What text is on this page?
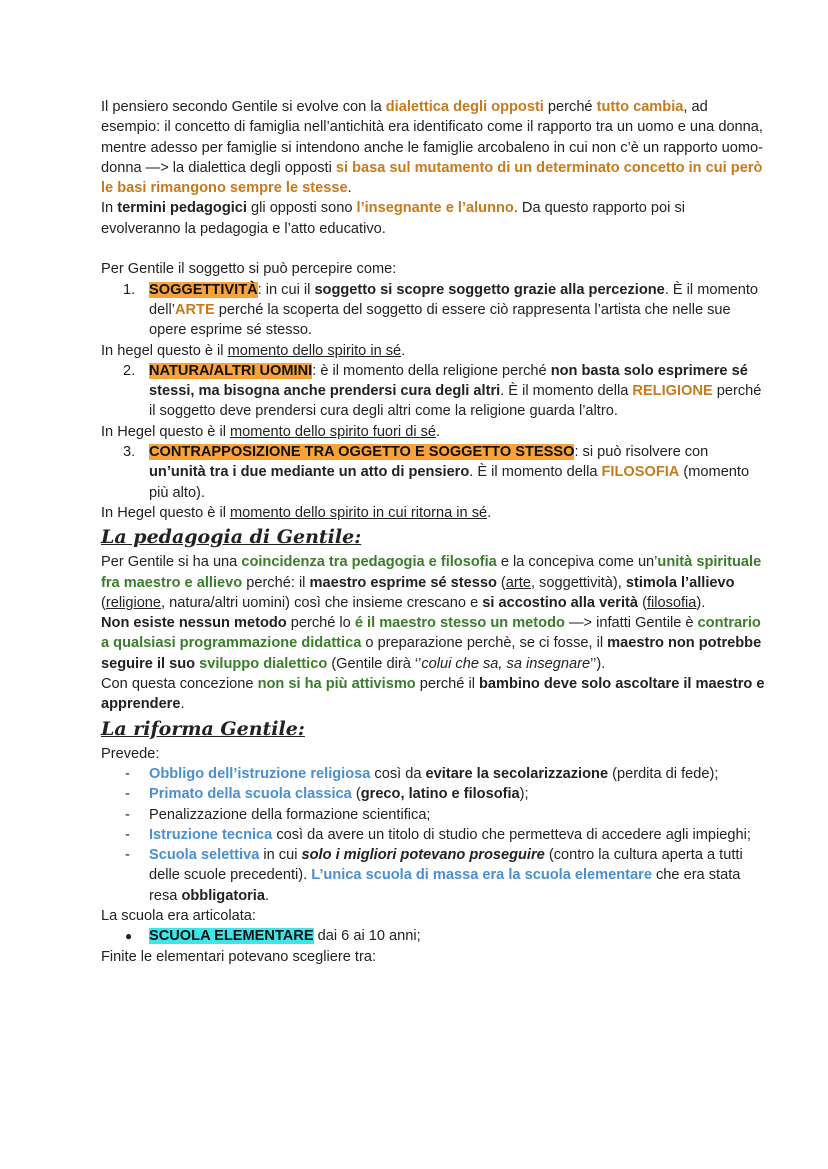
Il pensiero secondo Gentile si evolve con la dialettica degli opposti perché tutto cambia, ad esempio: il concetto di famiglia nell’antichità era identificato come il rapporto tra un uomo e una donna, mentre adesso per famiglie si intendono anche le famiglie arcobaleno in cui non c’è un rapporto uomo-donna —> la dialettica degli opposti si basa sul mutamento di un determinato concetto in cui però le basi rimangono sempre le stesse.

In termini pedagogici gli opposti sono l’insegnante e l’alunno. Da questo rapporto poi si evolveranno la pedagogia e l’atto educativo.

Per Gentile il soggetto si può percepire come:

1. SOGGETTIVITÀ: in cui il soggetto si scopre soggetto grazie alla percezione. È il momento dell’ARTE perché la scoperta del soggetto di essere ciò rappresenta l’artista che nelle sue opere esprime sé stesso.

In hegel questo è il momento dello spirito in sé.

2. NATURA/ALTRI UOMINI: è il momento della religione perché non basta solo esprimere sé stessi, ma bisogna anche prendersi cura degli altri. È il momento della RELIGIONE perché il soggetto deve prendersi cura degli altri come la religione guarda l’altro.

In Hegel questo è il momento dello spirito fuori di sé.

3. CONTRAPPOSIZIONE TRA OGGETTO E SOGGETTO STESSO: si può risolvere con un’unità tra i due mediante un atto di pensiero. È il momento della FILOSOFIA (momento più alto).

In Hegel questo è il momento dello spirito in cui ritorna in sé.

La pedagogia di Gentile:

Per Gentile si ha una coincidenza tra pedagogia e filosofia e la concepiva come un’unità spirituale fra maestro e allievo perché: il maestro esprime sé stesso (arte, soggettività), stimola l’allievo (religione, natura/altri uomini) così che insieme crescano e si accostino alla verità (filosofia).

Non esiste nessun metodo perché lo é il maestro stesso un metodo —> infatti Gentile è contrario a qualsiasi programmazione didattica o preparazione perchè, se ci fosse, il maestro non potrebbe seguire il suo sviluppo dialettico (Gentile dirà ‘’colui che sa, sa insegnare’’).

Con questa concezione non si ha più attivismo perché il bambino deve solo ascoltare il maestro e apprendere.

La riforma Gentile:

Prevede:

- Obbligo dell’istruzione religiosa così da evitare la secolarizzazione (perdita di fede);

- Primato della scuola classica (greco, latino e filosofia);

- Penalizzazione della formazione scientifica;

- Istruzione tecnica così da avere un titolo di studio che permetteva di accedere agli impieghi;

- Scuola selettiva in cui solo i migliori potevano proseguire (contro la cultura aperta a tutti delle scuole precedenti). L’unica scuola di massa era la scuola elementare che era stata resa obbligatoria.

La scuola era articolata:

● SCUOLA ELEMENTARE dai 6 ai 10 anni;

Finite le elementari potevano scegliere tra:
